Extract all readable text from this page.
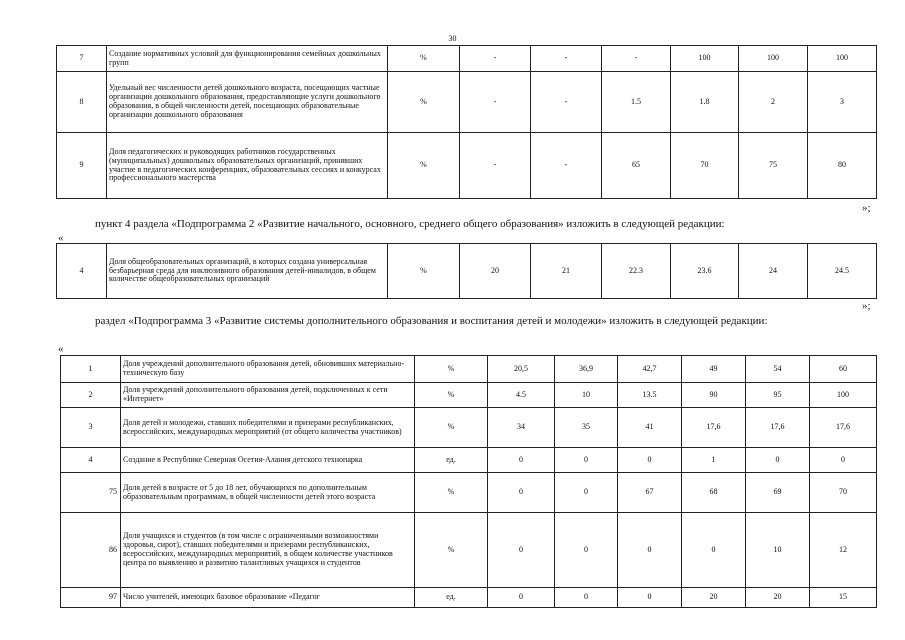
30
7	Создание нормативных условий для функционирования семейных дошкольных групп	%	-	-	-	100	100	100
8	Удельный вес численности детей дошкольного возраста, посещающих частные организации дошкольного образования, предоставляющие услуги дошкольного образования, в общей численности детей, посещающих образовательные организации дошкольного образования	%	-	-	1.5	1.8	2	3
9	Доля педагогических и руководящих работников государственных (муниципальных) дошкольных образовательных организаций, принявших участие в педагогических конференциях, образовательных сессиях и конкурсах профессионального мастерства	%	-	-	65	70	75	80
»;
пункт 4 раздела «Подпрограмма 2 «Развитие начального, основного, среднего общего образования» изложить в следующей редакции:
«
4	Доля общеобразовательных организаций, в которых создана универсальная безбарьерная среда для инклюзивного образования детей-инвалидов, в общем количестве общеобразовательных организаций	%	20	21	22.3	23.6	24	24.5
»;
раздел «Подпрограмма 3 «Развитие системы дополнительного образования и воспитания детей и молодежи» изложить в следующей редакции:
«
1	Доля учреждений дополнительного образования детей, обновивших материально-техническую базу	%	20,5	36,9	42,7	49	54	60
2	Доля учреждений дополнительного образования детей, подключенных к сети «Интернет»	%	4.5	10	13.5	90	95	100
3	Доля детей и молодежи, ставших победителями и призерами республиканских, всероссийских, международных мероприятий (от общего количества участников)	%	34	35	41	17,6	17,6	17,6
4	Создание в Республике Северная Осетия-Алания детского технопарка	ед.	0	0	0	1	0	0
75	Доля детей в возрасте от 5 до 18 лет, обучающихся по дополнительным образовательным программам, в общей численности детей этого возраста	%	0	0	67	68	69	70
86	Доля учащихся и студентов (в том числе с ограниченными возможностями здоровья, сирот), ставших победителями и призерами республиканских, всероссийских, международных мероприятий, в общем количестве участников центра по выявлению и развитию талантливых учащихся и студентов	%	0	0	0	0	10	12
97	Число учителей, имеющих базовое образование «Педагог	ед.	0	0	0	20	20	15
